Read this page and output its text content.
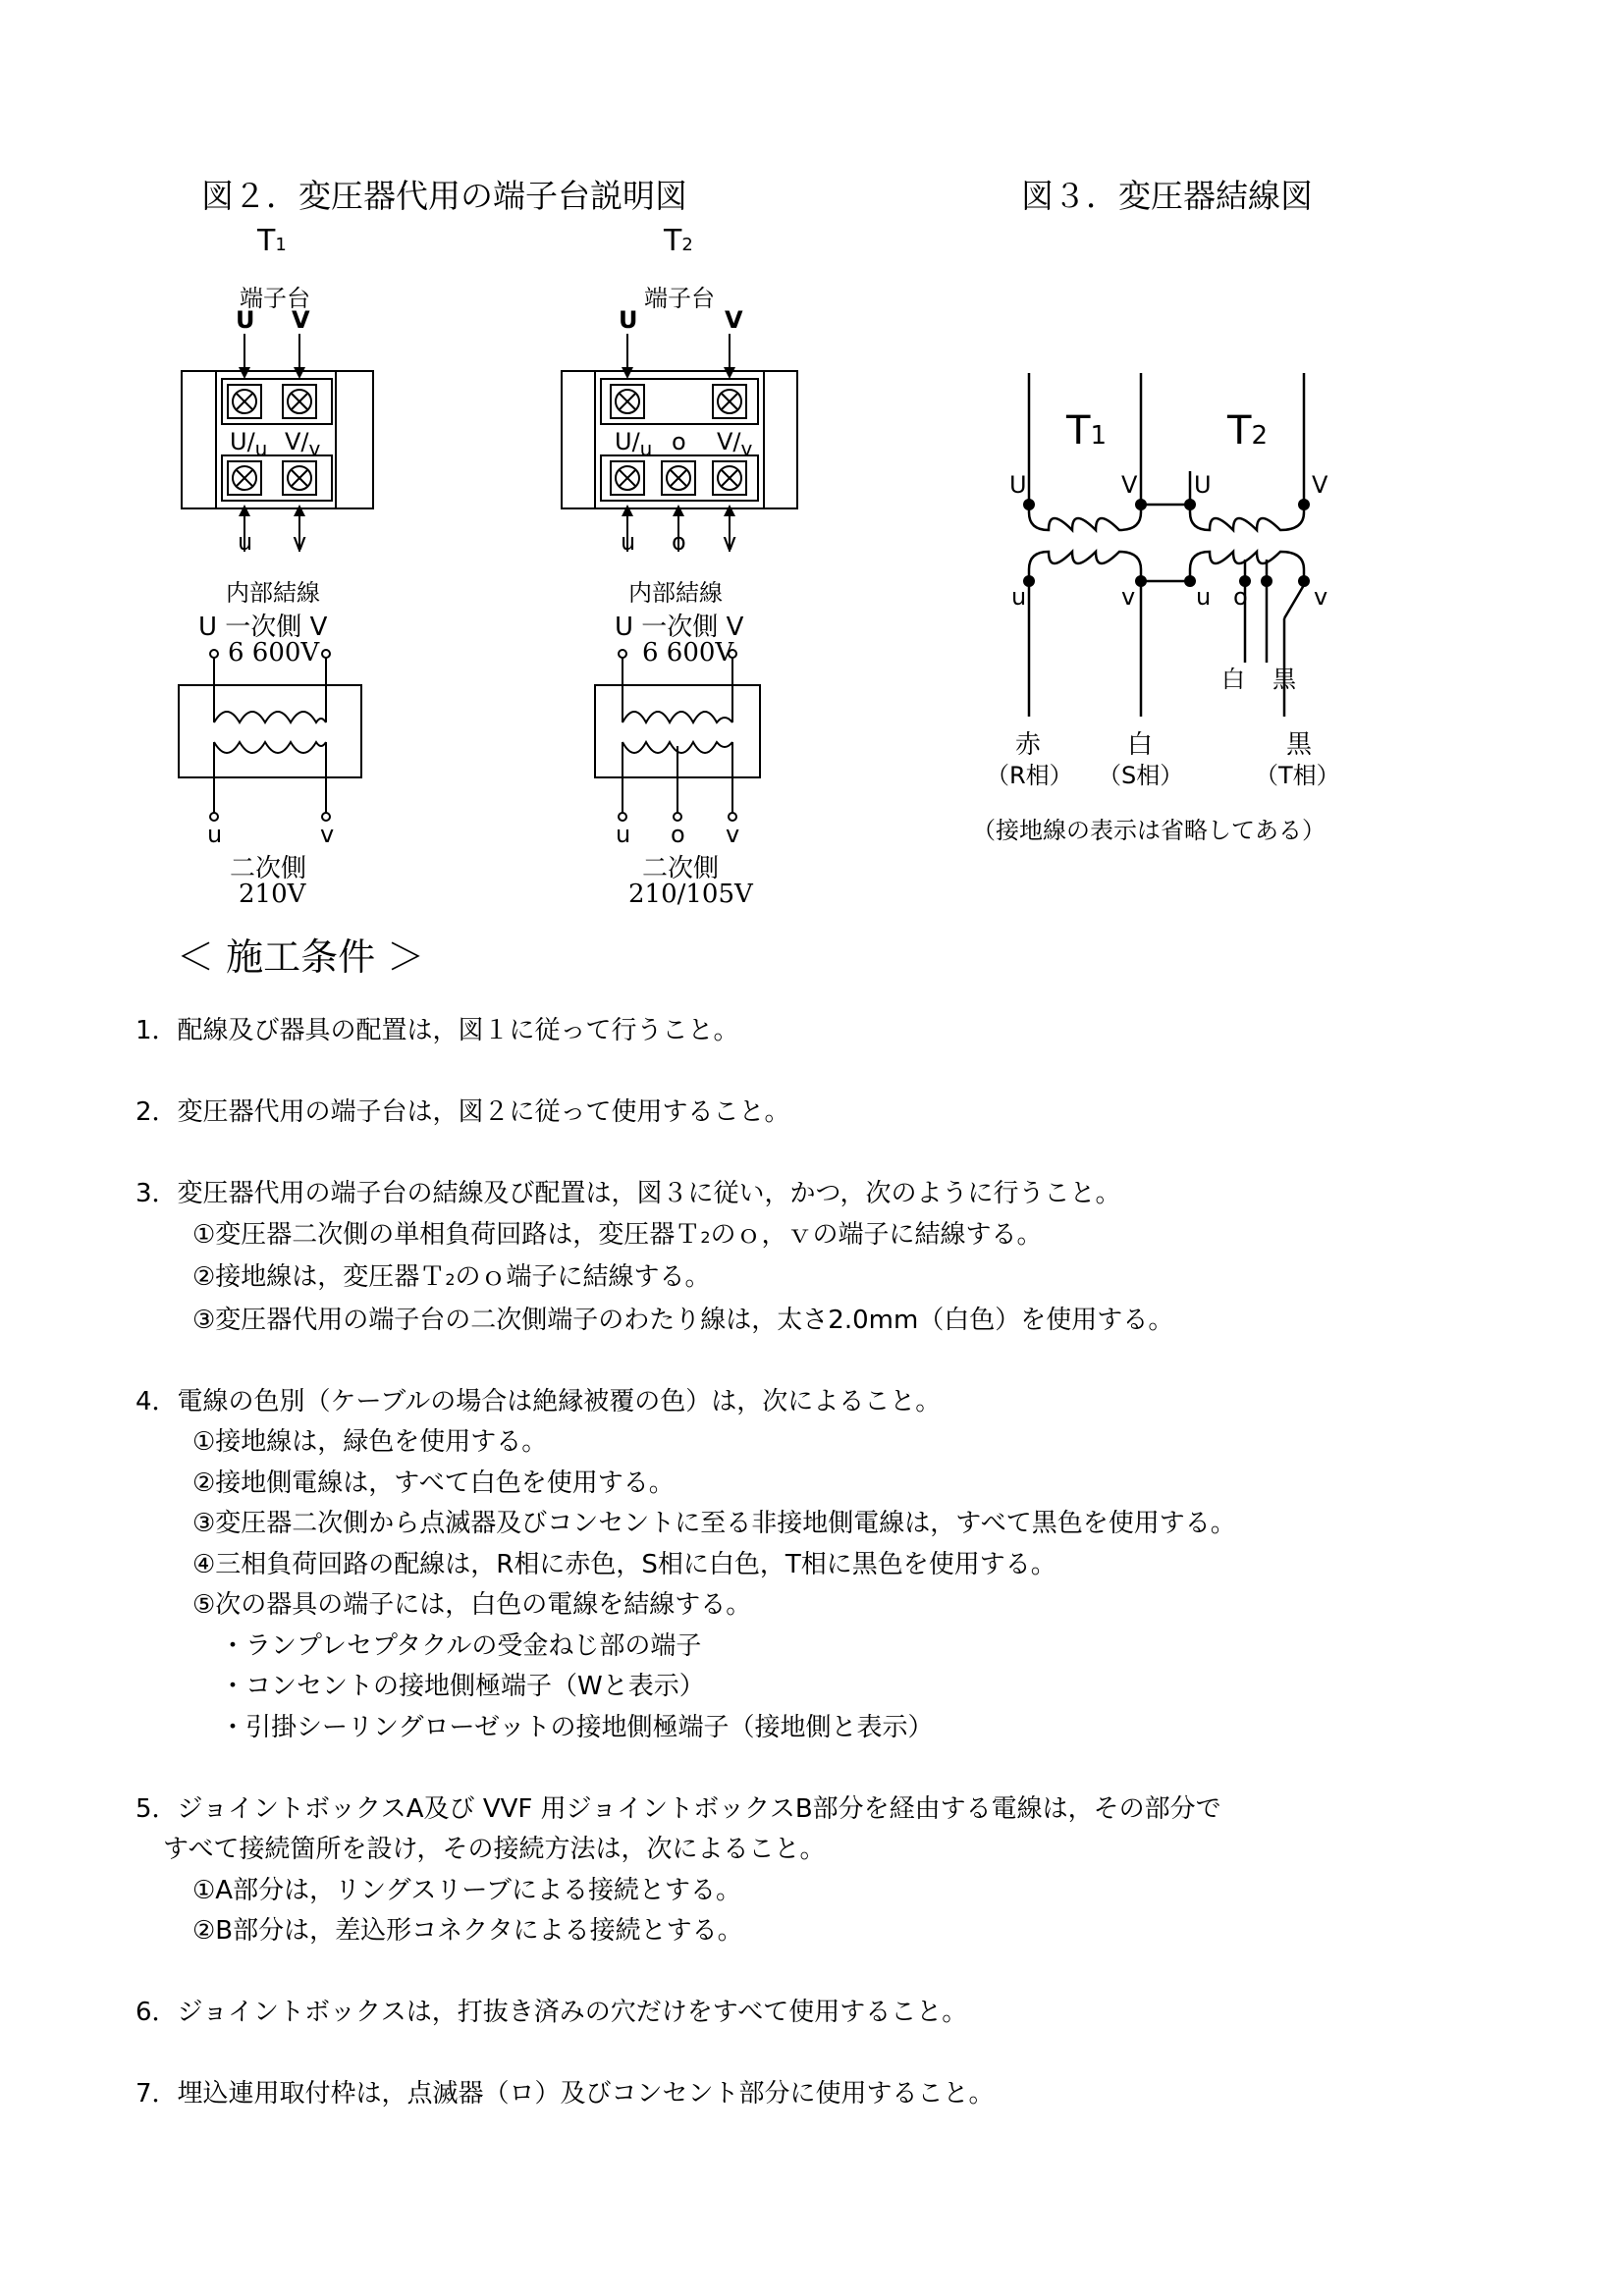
図２．変圧器代用の端子台説明図	図３．変圧器結線図
T1
端子台
U V
$U/_u$ $V/_v$
u v
内部結線
U 一次側 V
6 600V
u	v
二次側
210V
T2
端子台
U	V
$U/_u$ o $V/_v$
u o v
内部結線
U 一次側 V
6 600V
u o v
二次側
210/105V
T1	T2
U	V U	V
u	v	u o	v
白 黒
赤
（R相）
白
（S相）
黒
（T相）
（接地線の表示は省略してある）
＜ 施工条件 ＞
1．配線及び器具の配置は，図１に従って行うこと。
2．変圧器代用の端子台は，図２に従って使用すること。
3．変圧器代用の端子台の結線及び配置は，図３に従い，かつ，次のように行うこと。
①変圧器二次側の単相負荷回路は，変圧器Ｔ2のｏ，ｖの端子に結線する。
②接地線は，変圧器Ｔ2のｏ端子に結線する。
③変圧器代用の端子台の二次側端子のわたり線は，太さ2.0mm（白色）を使用する。
4．電線の色別（ケーブルの場合は絶縁被覆の色）は，次によること。
①接地線は，緑色を使用する。
②接地側電線は，すべて白色を使用する。
③変圧器二次側から点滅器及びコンセントに至る非接地側電線は，すべて黒色を使用する。
④三相負荷回路の配線は，R相に赤色，S相に白色，T相に黒色を使用する。
⑤次の器具の端子には，白色の電線を結線する。
・ランプレセプタクルの受金ねじ部の端子
・コンセントの接地側極端子（Wと表示）
・引掛シーリングローゼットの接地側極端子（接地側と表示）
5．ジョイントボックスA及び VVF 用ジョイントボックスB部分を経由する電線は，その部分で
すべて接続箇所を設け，その接続方法は，次によること。
①A部分は，リングスリーブによる接続とする。
②B部分は，差込形コネクタによる接続とする。
6．ジョイントボックスは，打抜き済みの穴だけをすべて使用すること。
7．埋込連用取付枠は，点滅器（ロ）及びコンセント部分に使用すること。
